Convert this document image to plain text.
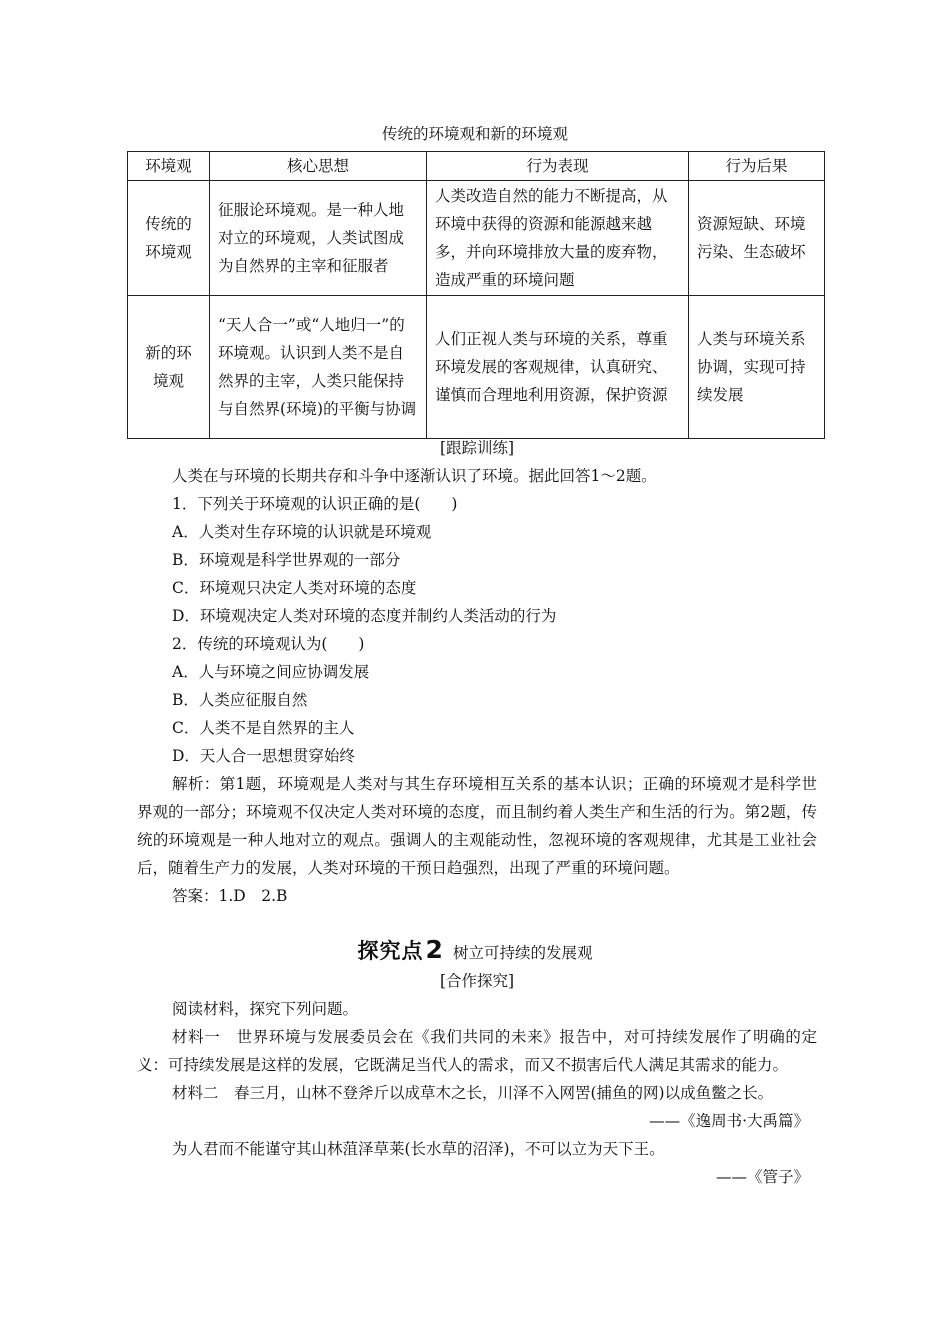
传统的环境观和新的环境观
环境观	核心思想	行为表现	行为后果
传统的环境观	征服论环境观。是一种人地对立的环境观，人类试图成为自然界的主宰和征服者	人类改造自然的能力不断提高，从环境中获得的资源和能源越来越多，并向环境排放大量的废弃物，造成严重的环境问题	资源短缺、环境污染、生态破坏
新的环境观	“天人合一”或“人地归一”的环境观。认识到人类不是自然界的主宰，人类只能保持与自然界(环境)的平衡与协调	人们正视人类与环境的关系，尊重环境发展的客观规律，认真研究、谨慎而合理地利用资源，保护资源	人类与环境关系协调，实现可持续发展
[跟踪训练]
人类在与环境的长期共存和斗争中逐渐认识了环境。据此回答1～2题。
1．下列关于环境观的认识正确的是(　　)
A．人类对生存环境的认识就是环境观
B．环境观是科学世界观的一部分
C．环境观只决定人类对环境的态度
D．环境观决定人类对环境的态度并制约人类活动的行为
2．传统的环境观认为(　　)
A．人与环境之间应协调发展
B．人类应征服自然
C．人类不是自然界的主人
D．天人合一思想贯穿始终
解析：第1题，环境观是人类对与其生存环境相互关系的基本认识；正确的环境观才是科学世界观的一部分；环境观不仅决定人类对环境的态度，而且制约着人类生产和生活的行为。第2题，传统的环境观是一种人地对立的观点。强调人的主观能动性，忽视环境的客观规律，尤其是工业社会后，随着生产力的发展，人类对环境的干预日趋强烈，出现了严重的环境问题。
答案：1.D　2.B
探究点2 树立可持续的发展观
[合作探究]
阅读材料，探究下列问题。
材料一　世界环境与发展委员会在《我们共同的未来》报告中，对可持续发展作了明确的定义：可持续发展是这样的发展，它既满足当代人的需求，而又不损害后代人满足其需求的能力。
材料二　春三月，山林不登斧斤以成草木之长，川泽不入网罟(捕鱼的网)以成鱼鳖之长。
——《逸周书·大禹篇》
为人君而不能谨守其山林菹泽草莱(长水草的沼泽)，不可以立为天下王。
——《管子》
